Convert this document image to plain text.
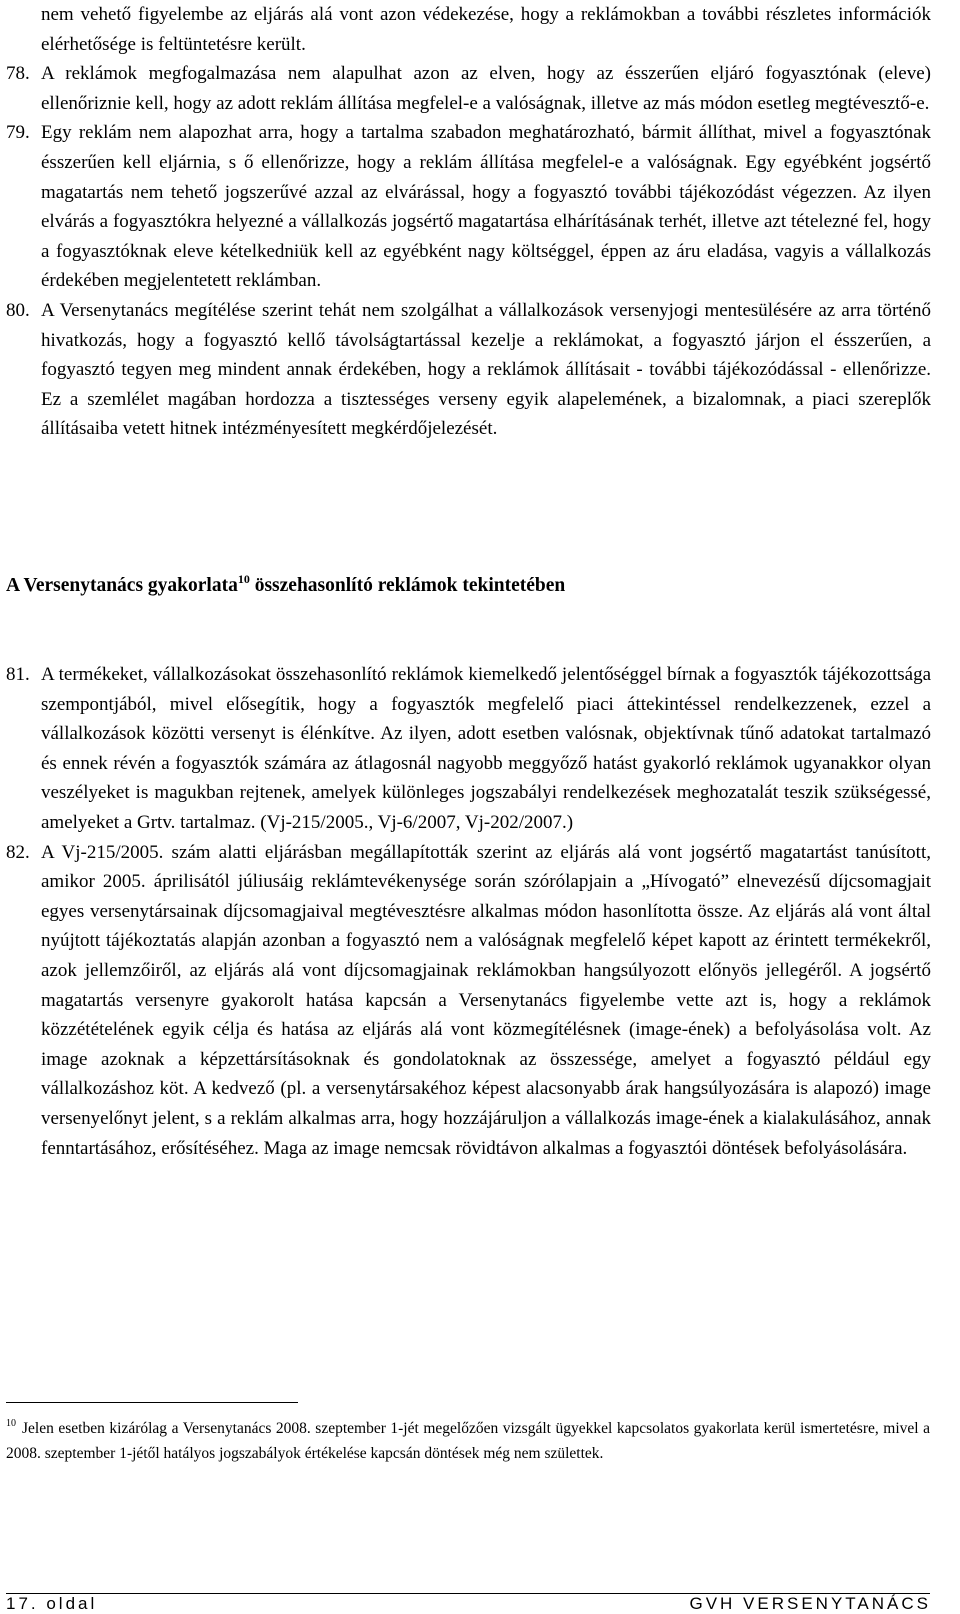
nem vehető figyelembe az eljárás alá vont azon védekezése, hogy a reklámokban a további részletes információk elérhetősége is feltüntetésre került.

78. A reklámok megfogalmazása nem alapulhat azon az elven, hogy az ésszerűen eljáró fogyasztónak (eleve) ellenőriznie kell, hogy az adott reklám állítása megfelel-e a valóságnak, illetve az más módon esetleg megtévesztő-e.

79. Egy reklám nem alapozhat arra, hogy a tartalma szabadon meghatározható, bármit állíthat, mivel a fogyasztónak ésszerűen kell eljárnia, s ő ellenőrizze, hogy a reklám állítása megfelel-e a valóságnak. Egy egyébként jogsértő magatartás nem tehető jogszerűvé azzal az elvárással, hogy a fogyasztó további tájékozódást végezzen. Az ilyen elvárás a fogyasztókra helyezné a vállalkozás jogsértő magatartása elhárításának terhét, illetve azt tételezné fel, hogy a fogyasztóknak eleve kételkedniük kell az egyébként nagy költséggel, éppen az áru eladása, vagyis a vállalkozás érdekében megjelentetett reklámban.

80. A Versenytanács megítélése szerint tehát nem szolgálhat a vállalkozások versenyjogi mentesülésére az arra történő hivatkozás, hogy a fogyasztó kellő távolságtartással kezelje a reklámokat, a fogyasztó járjon el ésszerűen, a fogyasztó tegyen meg mindent annak érdekében, hogy a reklámok állításait - további tájékozódással - ellenőrizze. Ez a szemlélet magában hordozza a tisztességes verseny egyik alapelemének, a bizalomnak, a piaci szereplők állításaiba vetett hitnek intézményesített megkérdőjelezését.

A Versenytanács gyakorlata$^{10}$ összehasonlító reklámok tekintetében

81. A termékeket, vállalkozásokat összehasonlító reklámok kiemelkedő jelentőséggel bírnak a fogyasztók tájékozottsága szempontjából, mivel elősegítik, hogy a fogyasztók megfelelő piaci áttekintéssel rendelkezzenek, ezzel a vállalkozások közötti versenyt is élénkítve. Az ilyen, adott esetben valósnak, objektívnak tűnő adatokat tartalmazó és ennek révén a fogyasztók számára az átlagosnál nagyobb meggyőző hatást gyakorló reklámok ugyanakkor olyan veszélyeket is magukban rejtenek, amelyek különleges jogszabályi rendelkezések meghozatalát teszik szükségessé, amelyeket a Grtv. tartalmaz. (Vj-215/2005., Vj-6/2007, Vj-202/2007.)

82. A Vj-215/2005. szám alatti eljárásban megállapították szerint az eljárás alá vont jogsértő magatartást tanúsított, amikor 2005. áprilisától júliusáig reklámtevékenysége során szórólapjain a „Hívogató” elnevezésű díjcsomagjait egyes versenytársainak díjcsomagjaival megtévesztésre alkalmas módon hasonlította össze. Az eljárás alá vont által nyújtott tájékoztatás alapján azonban a fogyasztó nem a valóságnak megfelelő képet kapott az érintett termékekről, azok jellemzőiről, az eljárás alá vont díjcsomagjainak reklámokban hangsúlyozott előnyös jellegéről. A jogsértő magatartás versenyre gyakorolt hatása kapcsán a Versenytanács figyelembe vette azt is, hogy a reklámok közzétételének egyik célja és hatása az eljárás alá vont közmegítélésnek (image-ének) a befolyásolása volt. Az image azoknak a képzettársításoknak és gondolatoknak az összessége, amelyet a fogyasztó például egy vállalkozáshoz köt. A kedvező (pl. a versenytársakéhoz képest alacsonyabb árak hangsúlyozására is alapozó) image versenyelőnyt jelent, s a reklám alkalmas arra, hogy hozzájáruljon a vállalkozás image-ének a kialakulásához, annak fenntartásához, erősítéséhez. Maga az image nemcsak rövidtávon alkalmas a fogyasztói döntések befolyásolására.

$^{10}$ Jelen esetben kizárólag a Versenytanács 2008. szeptember 1-jét megelőzően vizsgált ügyekkel kapcsolatos gyakorlata kerül ismertetésre, mivel a 2008. szeptember 1-jétől hatályos jogszabályok értékelése kapcsán döntések még nem születtek.
17. oldal	GVH VERSENYTANÁCS
